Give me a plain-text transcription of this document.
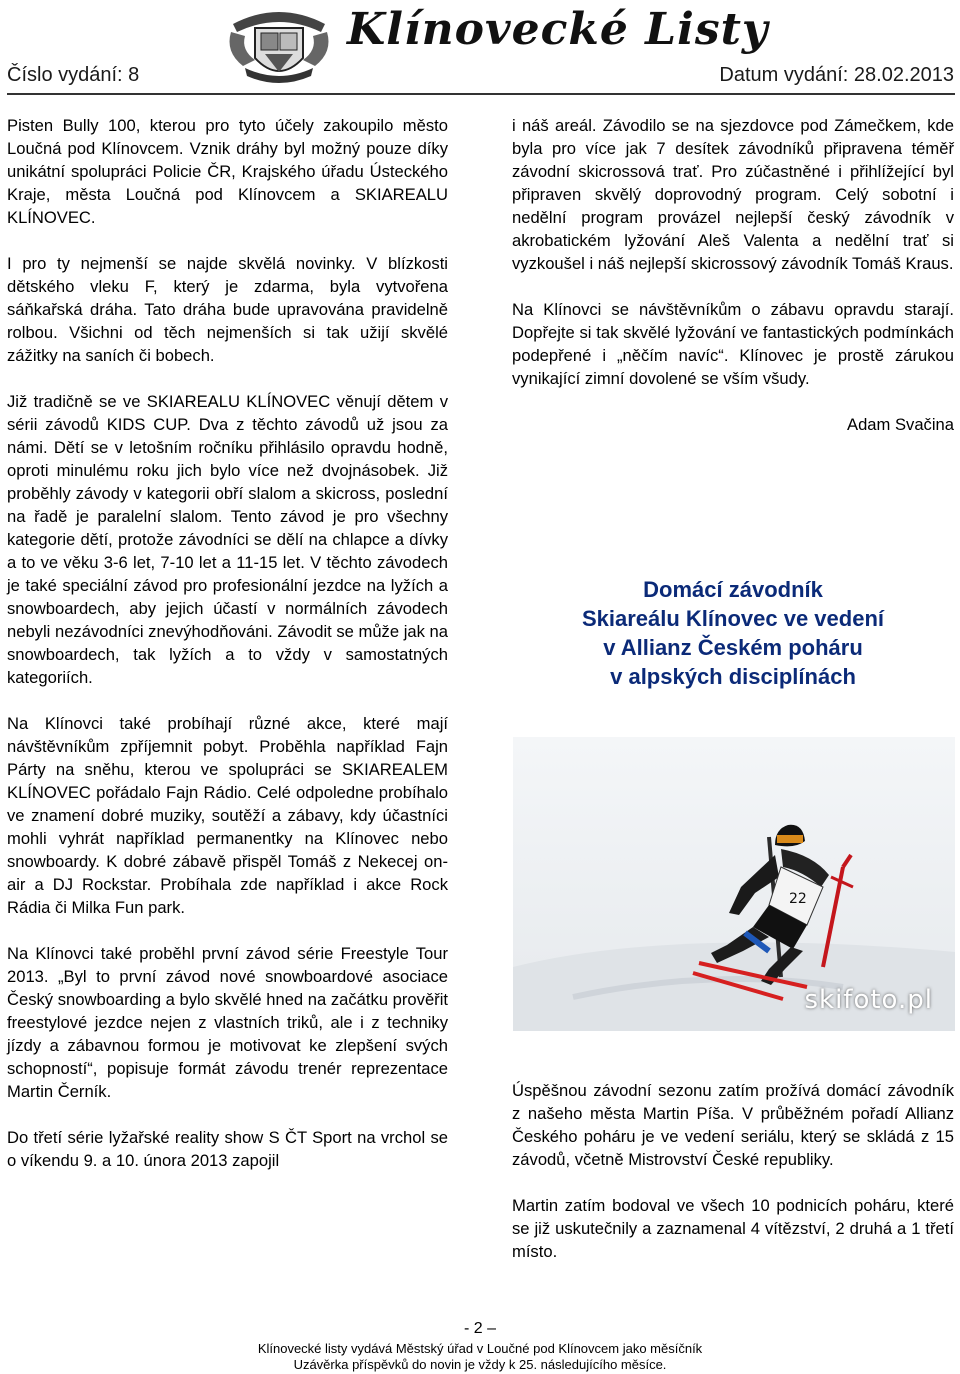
Klínovecké Listy
Číslo vydání: 8	Datum vydání: 28.02.2013

Pisten Bully 100, kterou pro tyto účely zakoupilo město Loučná pod Klínovcem. Vznik dráhy byl možný pouze díky unikátní spolupráci Policie ČR, Krajského úřadu Ústeckého Kraje, města Loučná pod Klínovcem a SKIAREALU KLÍNOVEC.

I pro ty nejmenší se najde skvělá novinky. V blízkosti dětského vleku F, který je zdarma, byla vytvořena sáňkařská dráha. Tato dráha bude upravována pravidelně rolbou. Všichni od těch nejmenších si tak užijí skvělé zážitky na saních či bobech.

Již tradičně se ve SKIAREALU KLÍNOVEC věnují dětem v sérii závodů KIDS CUP. Dva z těchto závodů už jsou za námi. Dětí se v letošním ročníku přihlásilo opravdu hodně, oproti minulému roku jich bylo více než dvojnásobek. Již proběhly závody v kategorii obří slalom a skicross, poslední na řadě je paralelní slalom. Tento závod je pro všechny kategorie dětí, protože závodníci se dělí na chlapce a dívky a to ve věku 3-6 let, 7-10 let a 11-15 let. V těchto závodech je také speciální závod pro profesionální jezdce na lyžích a snowboardech, aby jejich účastí v normálních závodech nebyli nezávodníci znevýhodňováni. Závodit se může jak na snowboardech, tak lyžích a to vždy v samostatných kategoriích.

Na Klínovci také probíhají různé akce, které mají návštěvníkům zpříjemnit pobyt. Proběhla například Fajn Párty na sněhu, kterou ve spolupráci se SKIAREALEM KLÍNOVEC pořádalo Fajn Rádio. Celé odpoledne probíhalo ve znamení dobré muziky, soutěží a zábavy, kdy účastníci mohli vyhrát například permanentky na Klínovec nebo snowboardy. K dobré zábavě přispěl Tomáš z Nekecej on-air a DJ Rockstar. Probíhala zde například i akce Rock Rádia či Milka Fun park.

Na Klínovci také proběhl první závod série Freestyle Tour 2013. „Byl to první závod nové snowboardové asociace Český snowboarding a bylo skvělé hned na začátku prověřit freestylové jezdce nejen z vlastních triků, ale i z techniky jízdy a zábavnou formou je motivovat ke zlepšení svých schopností“, popisuje formát závodu trenér reprezentace Martin Černík.

Do třetí série lyžařské reality show S ČT Sport na vrchol se o víkendu 9. a 10. února 2013 zapojil

i náš areál. Závodilo se na sjezdovce pod Zámečkem, kde byla pro více jak 7 desítek závodníků připravena téměř závodní skicrossová trať. Pro zúčastněné i přihlížející byl připraven skvělý doprovodný program. Celý sobotní i nedělní program provázel nejlepší český závodník v akrobatickém lyžování Aleš Valenta a nedělní trať si vyzkoušel i náš nejlepší skicrossový závodník Tomáš Kraus.

Na Klínovci se návštěvníkům o zábavu opravdu starají. Dopřejte si tak skvělé lyžování ve fantastických podmínkách podepřené i „něčím navíc“. Klínovec je prostě zárukou vynikající zimní dovolené se vším všudy.

Adam Svačina

Domácí závodník
Skiareálu Klínovec ve vedení
v Allianz Českém poháru
v alpských disciplínách
22
skifoto.pl

Úspěšnou závodní sezonu zatím prožívá domácí závodník z našeho města Martin Píša. V průběžném pořadí Allianz Českého poháru je ve vedení seriálu, který se skládá z 15 závodů, včetně Mistrovství České republiky.

Martin zatím bodoval ve všech 10 podnicích poháru, které se již uskutečnily a zaznamenal 4 vítězství, 2 druhá a 1 třetí místo.

- 2 –
Klínovecké listy vydává Městský úřad v Loučné pod Klínovcem jako měsíčník
Uzávěrka příspěvků do novin je vždy k 25. následujícího měsíce.
